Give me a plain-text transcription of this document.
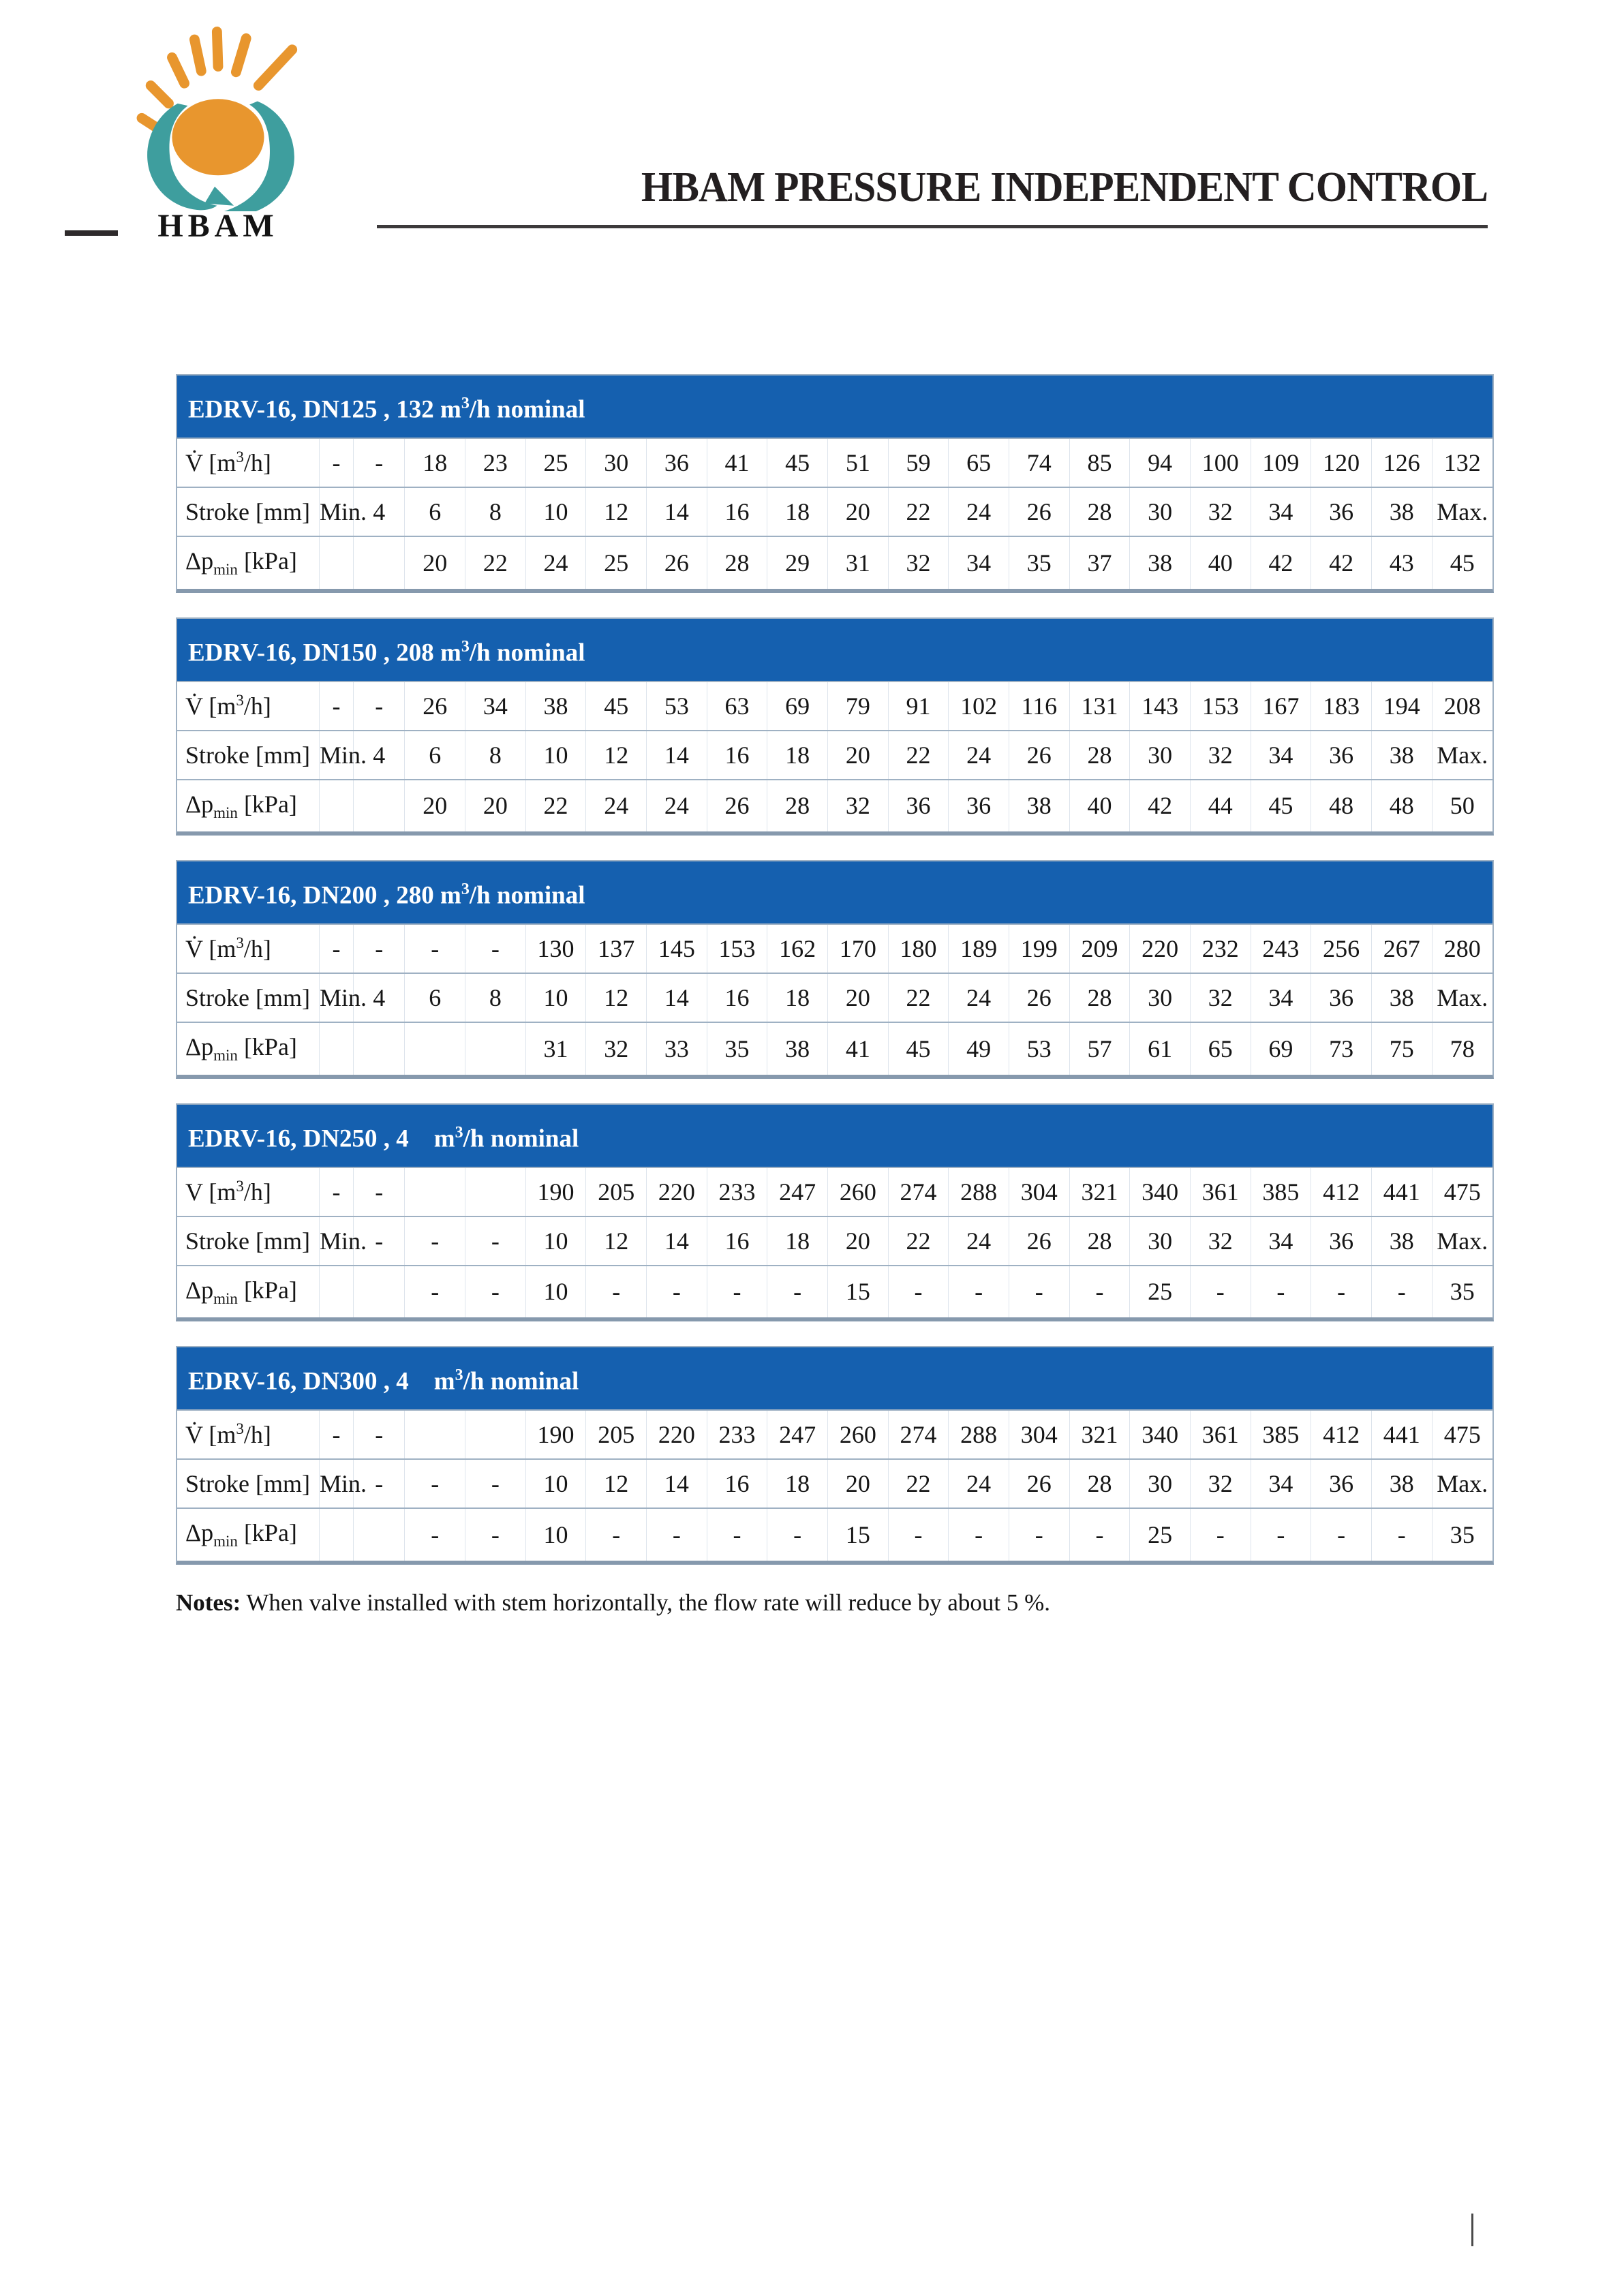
HBAM
HBAM PRESSURE INDEPENDENT CONTROL
EDRV-16, DN125 , 132 $m^3/h$ nominal
V̇ $[m^3/h]$	-	-	18	23	25	30	36	41	45	51	59	65	74	85	94	100	109	120	126	132
Stroke [mm]	Min.	4	6	8	10	12	14	16	18	20	22	24	26	28	30	32	34	36	38	Max.
$\Delta p_{min}$ [kPa]			20	22	24	25	26	28	29	31	32	34	35	37	38	40	42	42	43	45
EDRV-16, DN150 , 208 $m^3/h$ nominal
V̇ $[m^3/h]$	-	-	26	34	38	45	53	63	69	79	91	102	116	131	143	153	167	183	194	208
Stroke [mm]	Min.	4	6	8	10	12	14	16	18	20	22	24	26	28	30	32	34	36	38	Max.
$\Delta p_{min}$ [kPa]			20	20	22	24	24	26	28	32	36	36	38	40	42	44	45	48	48	50
EDRV-16, DN200 , 280 $m^3/h$ nominal
V̇ $[m^3/h]$	-	-	-	-	130	137	145	153	162	170	180	189	199	209	220	232	243	256	267	280
Stroke [mm]	Min.	4	6	8	10	12	14	16	18	20	22	24	26	28	30	32	34	36	38	Max.
$\Delta p_{min}$ [kPa]					31	32	33	35	38	41	45	49	53	57	61	65	69	73	75	78
EDRV-16, DN250 , 4    $m^3/h$ nominal
V $[m^3/h]$	-	-			190	205	220	233	247	260	274	288	304	321	340	361	385	412	441	475
Stroke [mm]	Min.	-	-	-	10	12	14	16	18	20	22	24	26	28	30	32	34	36	38	Max.
$\Delta p_{min}$ [kPa]			-	-	10	-	-	-	-	15	-	-	-	-	25	-	-	-	-	35
EDRV-16, DN300 , 4    $m^3/h$ nominal
V̇ $[m^3/h]$	-	-			190	205	220	233	247	260	274	288	304	321	340	361	385	412	441	475
Stroke [mm]	Min.	-	-	-	10	12	14	16	18	20	22	24	26	28	30	32	34	36	38	Max.
$\Delta p_{min}$ [kPa]			-	-	10	-	-	-	-	15	-	-	-	-	25	-	-	-	-	35
Notes: When valve installed with stem horizontally, the flow rate will reduce by about 5 %.
